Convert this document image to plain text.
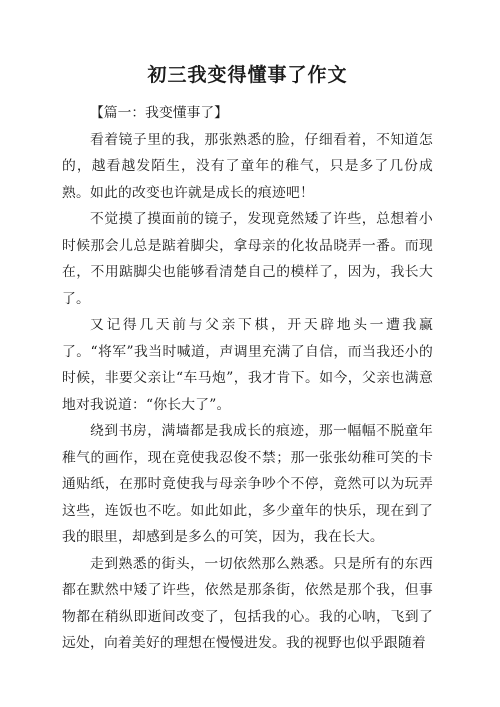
初三我变得懂事了作文
【篇一：我变懂事了】

看着镜子里的我，那张熟悉的脸，仔细看着，不知道怎的，越看越发陌生，没有了童年的稚气，只是多了几份成熟。如此的改变也许就是成长的痕迹吧！

不觉摸了摸面前的镜子，发现竟然矮了许些，总想着小时候那会儿总是踮着脚尖，拿母亲的化妆品晓弄一番。而现在，不用踮脚尖也能够看清楚自己的模样了，因为，我长大了。

又记得几天前与父亲下棋，开天辟地头一遭我赢了。“将军”我当时喊道，声调里充满了自信，而当我还小的时候，非要父亲让“车马炮”，我才肯下。如今，父亲也满意地对我说道：“你长大了”。

绕到书房，满墙都是我成长的痕迹，那一幅幅不脱童年稚气的画作，现在竟使我忍俊不禁；那一张张幼稚可笑的卡通贴纸，在那时竟使我与母亲争吵个不停，竟然可以为玩弄这些，连饭也不吃。如此如此，多少童年的快乐，现在到了我的眼里，却感到是多么的可笑，因为，我在长大。

走到熟悉的街头，一切依然那么熟悉。只是所有的东西都在默然中矮了许些，依然是那条街，依然是那个我，但事物都在稍纵即逝间改变了，包括我的心。我的心呐，飞到了远处，向着美好的理想在慢慢进发。我的视野也似乎跟随着
